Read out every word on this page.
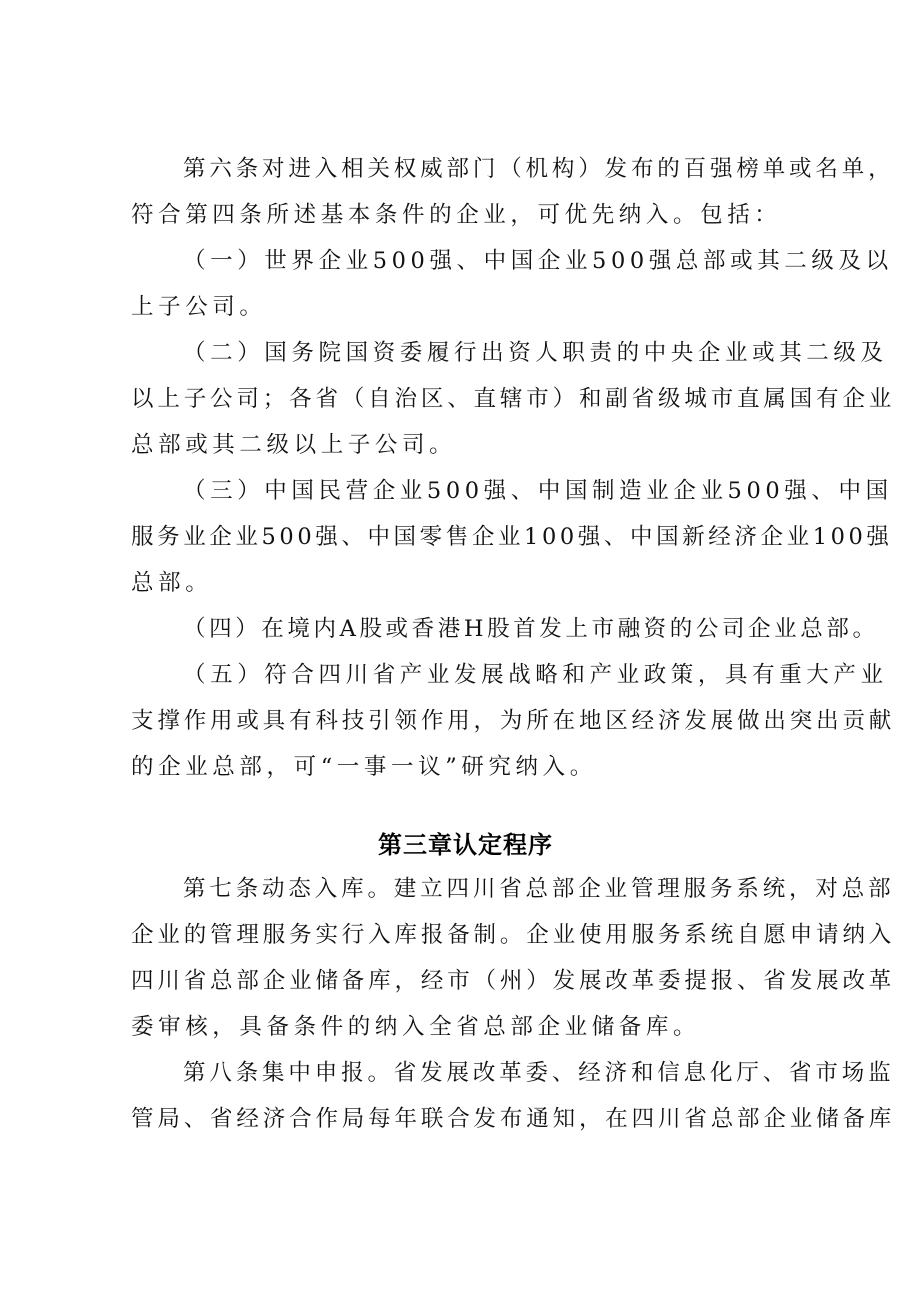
第六条对进入相关权威部门（机构）发布的百强榜单或名单，
符合第四条所述基本条件的企业，可优先纳入。包括：
（一）世界企业500强、中国企业500强总部或其二级及以
上子公司。
（二）国务院国资委履行出资人职责的中央企业或其二级及
以上子公司；各省（自治区、直辖市）和副省级城市直属国有企业
总部或其二级以上子公司。
（三）中国民营企业500强、中国制造业企业500强、中国
服务业企业500强、中国零售企业100强、中国新经济企业100强
总部。
（四）在境内A股或香港H股首发上市融资的公司企业总部。
（五）符合四川省产业发展战略和产业政策，具有重大产业
支撑作用或具有科技引领作用，为所在地区经济发展做出突出贡献
的企业总部，可“一事一议”研究纳入。
第三章认定程序
第七条动态入库。建立四川省总部企业管理服务系统，对总部
企业的管理服务实行入库报备制。企业使用服务系统自愿申请纳入
四川省总部企业储备库，经市（州）发展改革委提报、省发展改革
委审核，具备条件的纳入全省总部企业储备库。
第八条集中申报。省发展改革委、经济和信息化厅、省市场监
管局、省经济合作局每年联合发布通知，在四川省总部企业储备库
